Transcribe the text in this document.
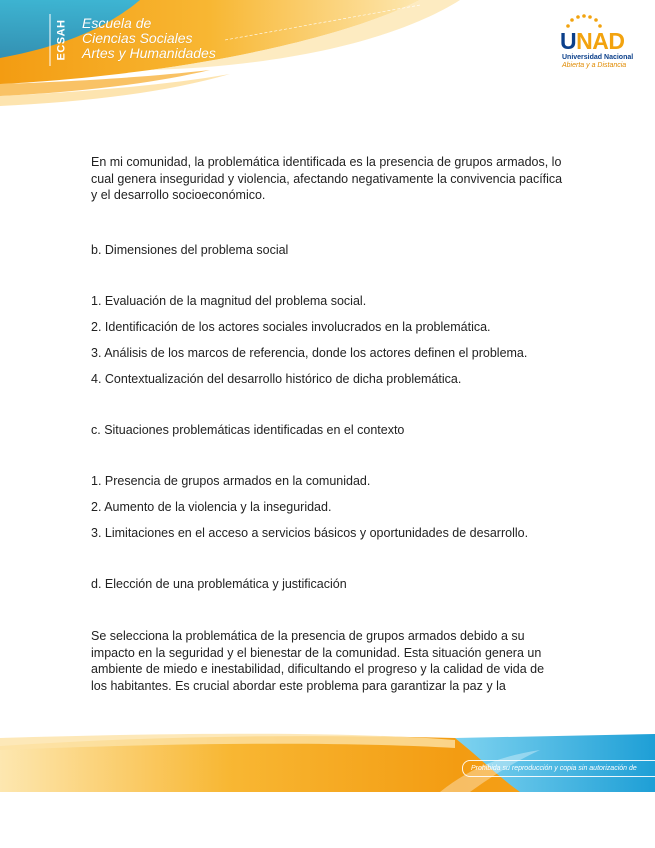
ECSAH Escuela de
Ciencias Sociales
Artes y Humanidades	UNAD
Universidad Nacional
Abierta y a Distancia

En mi comunidad, la problemática identificada es la presencia de grupos armados, lo cual genera inseguridad y violencia, afectando negativamente la convivencia pacífica y el desarrollo socioeconómico.

b. Dimensiones del problema social

1. Evaluación de la magnitud del problema social.

2. Identificación de los actores sociales involucrados en la problemática.

3. Análisis de los marcos de referencia, donde los actores definen el problema.

4. Contextualización del desarrollo histórico de dicha problemática.

c. Situaciones problemáticas identificadas en el contexto

1. Presencia de grupos armados en la comunidad.

2. Aumento de la violencia y la inseguridad.

3. Limitaciones en el acceso a servicios básicos y oportunidades de desarrollo.

d. Elección de una problemática y justificación

Se selecciona la problemática de la presencia de grupos armados debido a su impacto en la seguridad y el bienestar de la comunidad. Esta situación genera un ambiente de miedo e inestabilidad, dificultando el progreso y la calidad de vida de los habitantes. Es crucial abordar este problema para garantizar la paz y la

Prohibida su reproducción y copia sin autorización de
